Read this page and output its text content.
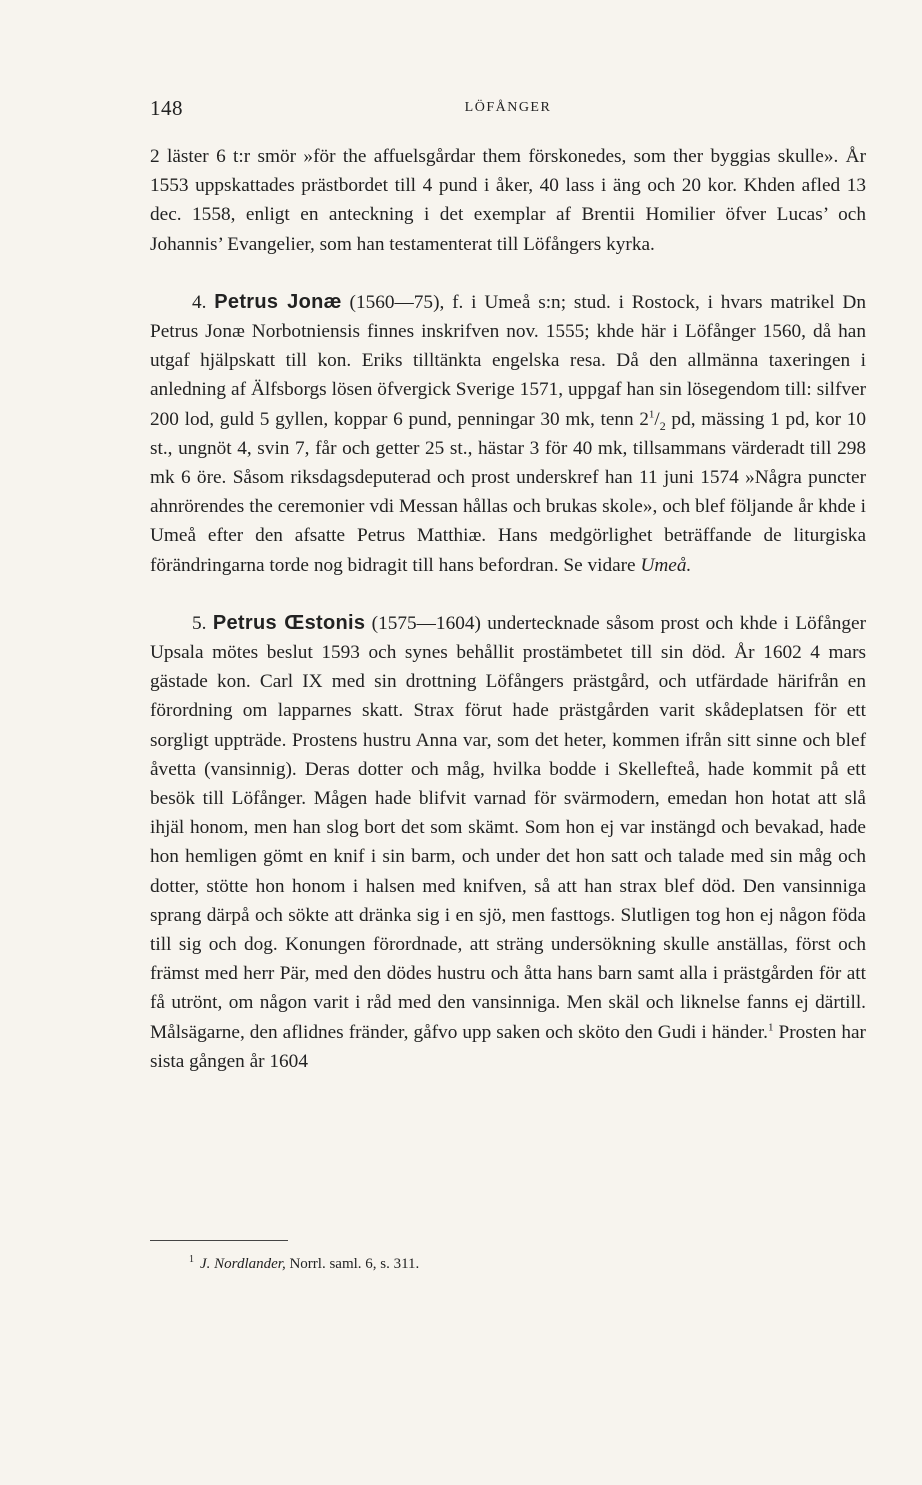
148	LÖFÅNGER

2 läster 6 t:r smör »för the affuelsgårdar them förskonedes, som ther byggias skulle». År 1553 uppskattades prästbordet till 4 pund i åker, 40 lass i äng och 20 kor. Khden afled 13 dec. 1558, enligt en anteckning i det exemplar af Brentii Homilier öfver Lucas’ och Johannis’ Evangelier, som han testamenterat till Löfångers kyrka.

4. Petrus Jonæ (1560—75), f. i Umeå s:n; stud. i Rostock, i hvars matrikel Dn Petrus Jonæ Norbotniensis finnes inskrifven nov. 1555; khde här i Löfånger 1560, då han utgaf hjälpskatt till kon. Eriks tilltänkta engelska resa. Då den allmänna taxeringen i anledning af Älfsborgs lösen öfvergick Sverige 1571, uppgaf han sin lösegendom till: silfver 200 lod, guld 5 gyllen, koppar 6 pund, penningar 30 mk, tenn $2^1/_2$ pd, mässing 1 pd, kor 10 st., ungnöt 4, svin 7, får och getter 25 st., hästar 3 för 40 mk, tillsammans värderadt till 298 mk 6 öre. Såsom riksdagsdeputerad och prost underskref han 11 juni 1574 »Några puncter ahnrörendes the ceremonier vdi Messan hållas och brukas skole», och blef följande år khde i Umeå efter den afsatte Petrus Matthiæ. Hans medgörlighet beträffande de liturgiska förändringarna torde nog bidragit till hans befordran. Se vidare Umeå.

5. Petrus Œstonis (1575—1604) undertecknade såsom prost och khde i Löfånger Upsala mötes beslut 1593 och synes behållit prostämbetet till sin död. År 1602 4 mars gästade kon. Carl IX med sin drottning Löfångers prästgård, och utfärdade härifrån en förordning om lapparnes skatt. Strax förut hade prästgården varit skådeplatsen för ett sorgligt uppträde. Prostens hustru Anna var, som det heter, kommen ifrån sitt sinne och blef åvetta (vansinnig). Deras dotter och måg, hvilka bodde i Skellefteå, hade kommit på ett besök till Löfånger. Mågen hade blifvit varnad för svärmodern, emedan hon hotat att slå ihjäl honom, men han slog bort det som skämt. Som hon ej var instängd och bevakad, hade hon hemligen gömt en knif i sin barm, och under det hon satt och talade med sin måg och dotter, stötte hon honom i halsen med knifven, så att han strax blef död. Den vansinniga sprang därpå och sökte att dränka sig i en sjö, men fasttogs. Slutligen tog hon ej någon föda till sig och dog. Konungen förordnade, att sträng undersökning skulle anställas, först och främst med herr Pär, med den dödes hustru och åtta hans barn samt alla i prästgården för att få utrönt, om någon varit i råd med den vansinniga. Men skäl och liknelse fanns ej därtill. Målsägarne, den aflidnes fränder, gåfvo upp saken och sköto den Gudi i händer.$^1$ Prosten har sista gången år 1604

$^1$ J. Nordlander, Norrl. saml. 6, s. 311.
